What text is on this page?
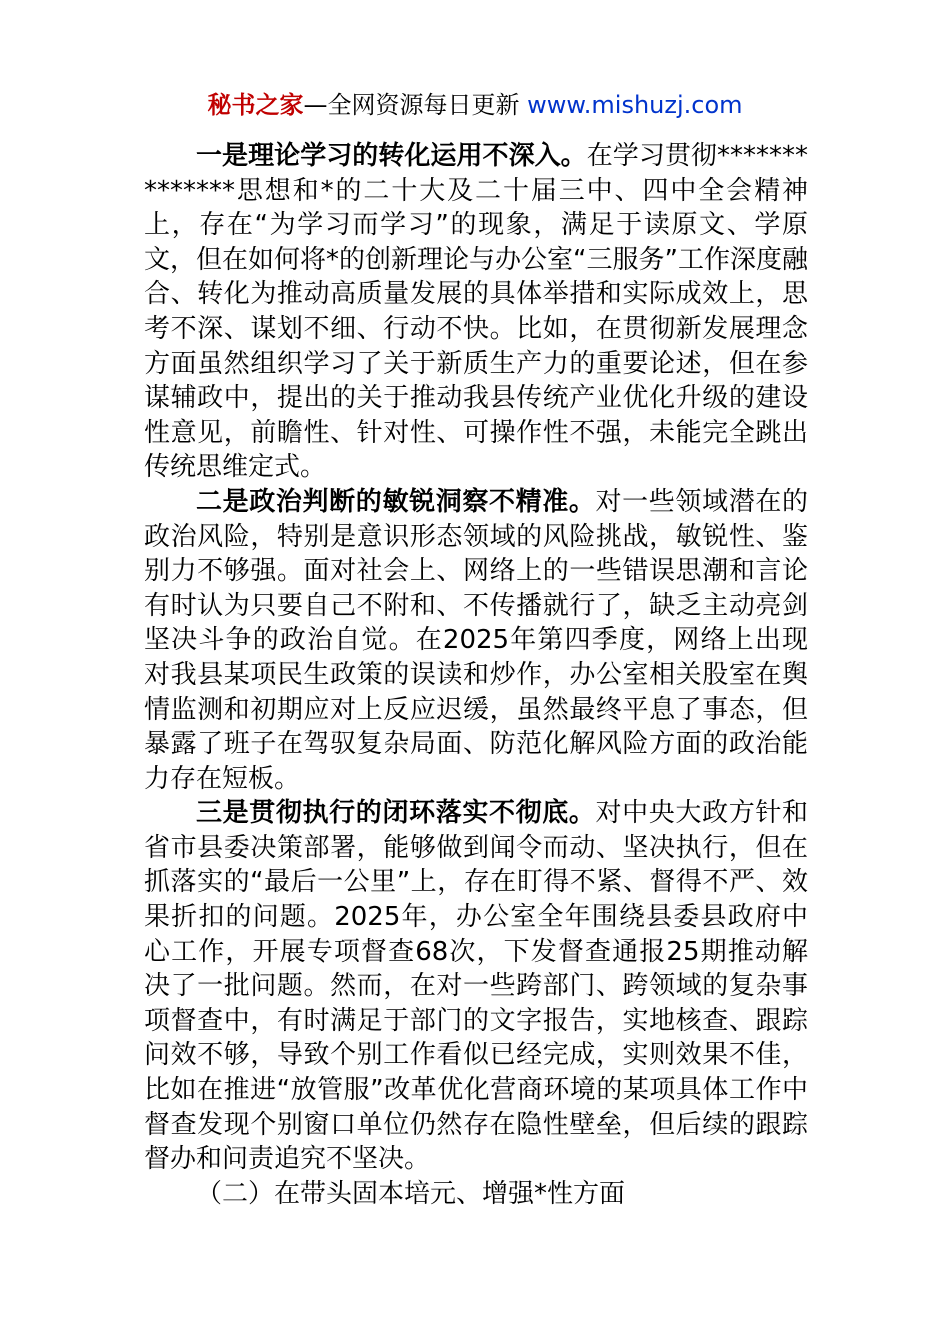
秘书之家—全网资源每日更新 www.mishuzj.com

一是理论学习的转化运用不深入。在学习贯彻**************思想和*的二十大及二十届三中、四中全会精神上，存在“为学习而学习”的现象，满足于读原文、学原文，但在如何将*的创新理论与办公室“三服务”工作深度融合、转化为推动高质量发展的具体举措和实际成效上，思考不深、谋划不细、行动不快。比如，在贯彻新发展理念方面虽然组织学习了关于新质生产力的重要论述，但在参谋辅政中，提出的关于推动我县传统产业优化升级的建设性意见，前瞻性、针对性、可操作性不强，未能完全跳出传统思维定式。

二是政治判断的敏锐洞察不精准。对一些领域潜在的政治风险，特别是意识形态领域的风险挑战，敏锐性、鉴别力不够强。面对社会上、网络上的一些错误思潮和言论有时认为只要自己不附和、不传播就行了，缺乏主动亮剑坚决斗争的政治自觉。在2025年第四季度，网络上出现对我县某项民生政策的误读和炒作，办公室相关股室在舆情监测和初期应对上反应迟缓，虽然最终平息了事态，但暴露了班子在驾驭复杂局面、防范化解风险方面的政治能力存在短板。

三是贯彻执行的闭环落实不彻底。对中央大政方针和省市县委决策部署，能够做到闻令而动、坚决执行，但在抓落实的“最后一公里”上，存在盯得不紧、督得不严、效果折扣的问题。2025年，办公室全年围绕县委县政府中心工作，开展专项督查68次，下发督查通报25期推动解决了一批问题。然而，在对一些跨部门、跨领域的复杂事项督查中，有时满足于部门的文字报告，实地核查、跟踪问效不够，导致个别工作看似已经完成，实则效果不佳，比如在推进“放管服”改革优化营商环境的某项具体工作中督查发现个别窗口单位仍然存在隐性壁垒，但后续的跟踪督办和问责追究不坚决。

（二）在带头固本培元、增强*性方面
